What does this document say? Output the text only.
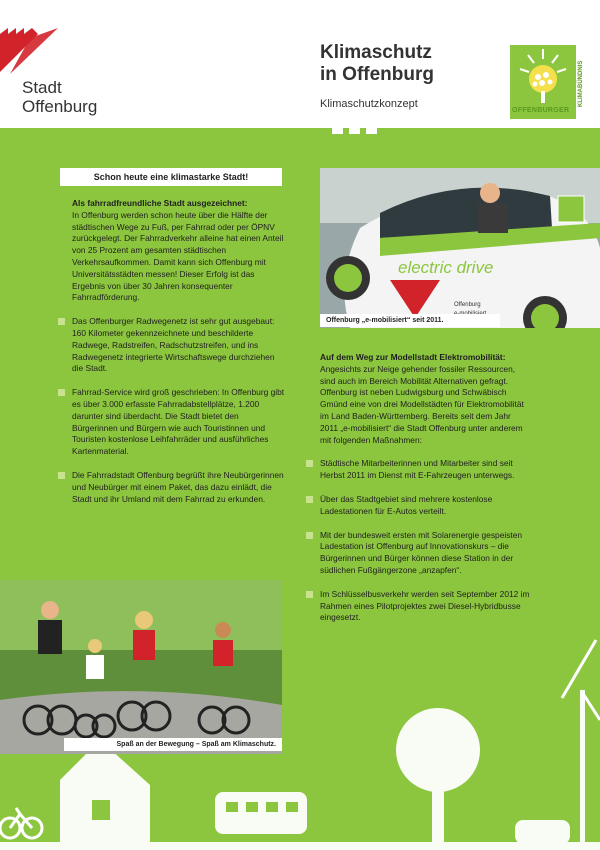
Stadt
Offenburg
Klimaschutz
in Offenburg
Klimaschutzkonzept	KLIMABÜNDNIS
OFFENBURGER
Schon heute eine klimastarke Stadt!

Als fahrradfreundliche Stadt ausgezeichnet:
In Offenburg werden schon heute über die Hälfte der städtischen Wege zu Fuß, per Fahrrad oder per ÖPNV zurückgelegt. Der Fahrradverkehr alleine hat einen Anteil von 25 Prozent am gesamten städtischen Verkehrsaufkommen. Damit kann sich Offenburg mit Universitätsstädten messen! Dieser Erfolg ist das Ergebnis von über 30 Jahren konsequenter Fahrradförderung.

Das Offenburger Radwegenetz ist sehr gut ausgebaut: 160 Kilometer gekennzeichnete und beschilderte Radwege, Radstreifen, Radschutzstreifen, und ins Radwegenetz integrierte Wirtschaftswege durchziehen die Stadt.

Fahrrad-Service wird groß geschrieben: In Offenburg gibt es über 3.000 erfasste Fahrradabstellplätze, 1.200 darunter sind überdacht. Die Stadt bietet den Bürgerinnen und Bürgern wie auch Touristinnen und Touristen kostenlose Leihfahrräder und ausführliches Kartenmaterial.

Die Fahrradstadt Offenburg begrüßt ihre Neubürgerinnen und Neubürger mit einem Paket, das dazu einlädt, die Stadt und ihr Umland mit dem Fahrrad zu erkunden.

Spaß an der Bewegung – Spaß am Klimaschutz.
electric drive
Offenburg
Offenburg „e-mobilisiert“ seit 2011.

Auf dem Weg zur Modellstadt Elektromobilität:
Angesichts zur Neige gehender fossiler Ressourcen, sind auch im Bereich Mobilität Alternativen gefragt. Offenburg ist neben Ludwigsburg und Schwäbisch Gmünd eine von drei Modellstädten für Elektromobilität im Land Baden-Württemberg. Bereits seit dem Jahr 2011 „e-mobilisiert“ die Stadt Offenburg unter anderem mit folgenden Maßnahmen:

Städtische Mitarbeiterinnen und Mitarbeiter sind seit Herbst 2011 im Dienst mit E-Fahrzeugen unterwegs.

Über das Stadtgebiet sind mehrere kostenlose Ladestationen für E-Autos verteilt.

Mit der bundesweit ersten mit Solarenergie gespeisten Ladestation ist Offenburg auf Innovationskurs – die Bürgerinnen und Bürger können diese Station in der südlichen Fußgängerzone „anzapfen“.

Im Schlüsselbusverkehr werden seit September 2012 im Rahmen eines Pilotprojektes zwei Diesel-Hybridbusse eingesetzt.
